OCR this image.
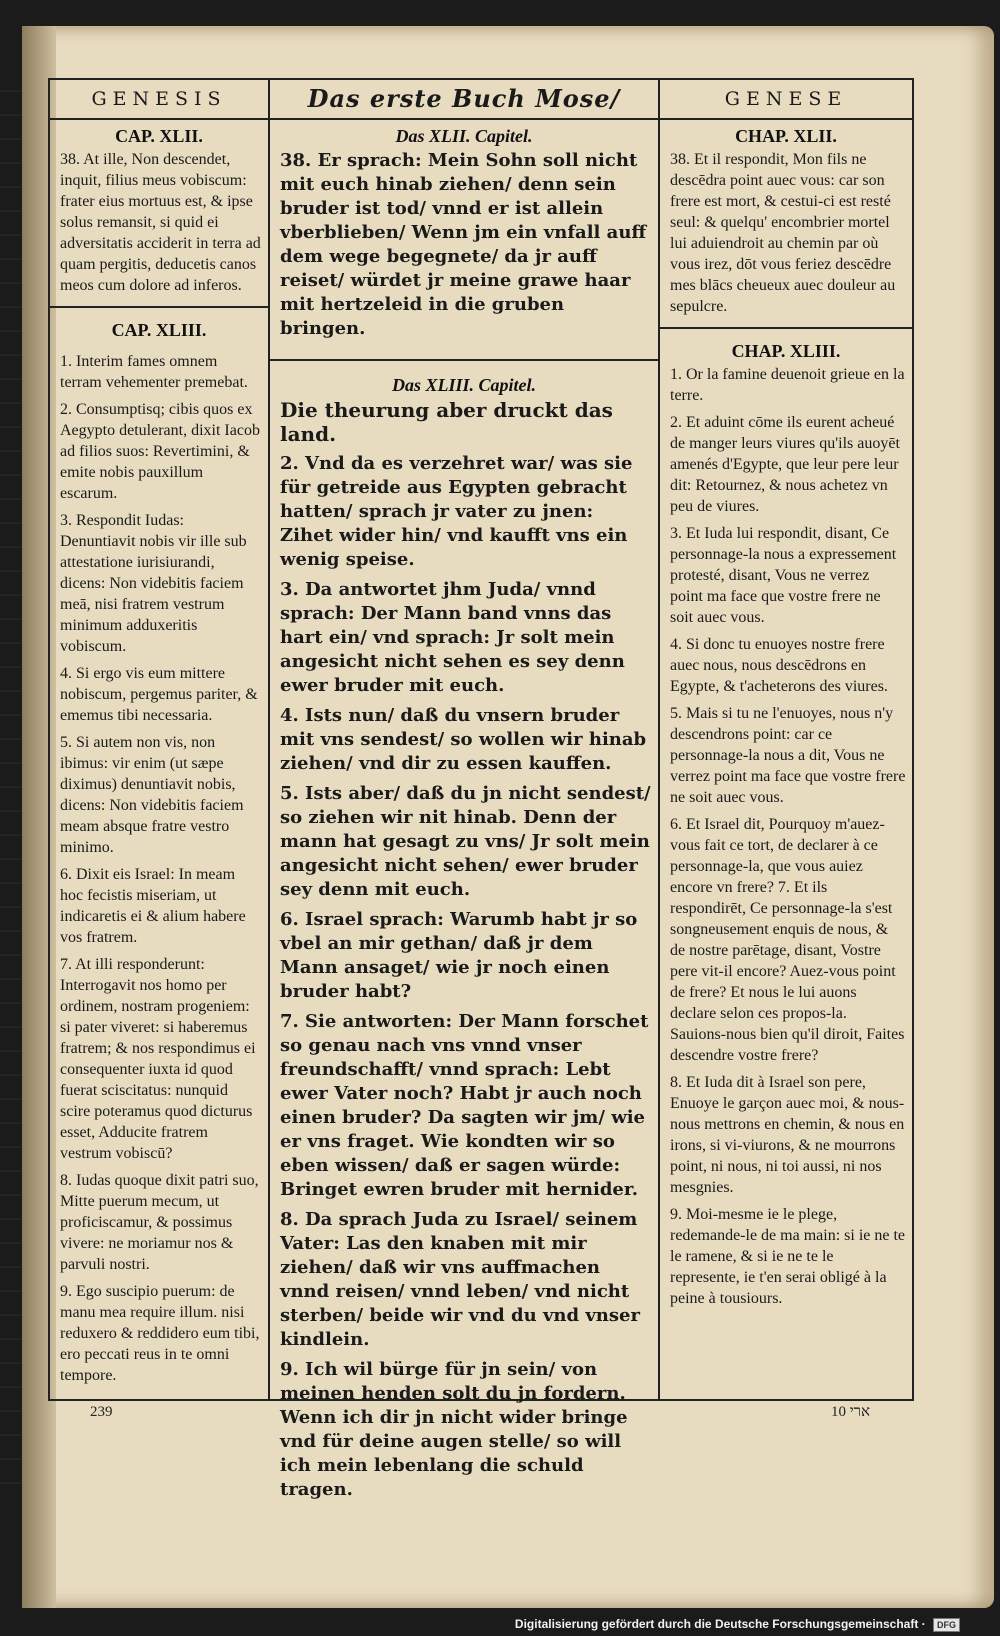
GENESIS
CAP. XLII.
38. At ille, Non descendet, inquit, filius meus vobiscum: frater eius mortuus est, & ipse solus remansit, si quid ei adversitatis acciderit in terra ad quam pergitis, deducetis canos meos cum dolore ad inferos.
CAP. XLIII.

1. Interim fames omnem terram vehementer premebat.

2. Consumptisq; cibis quos ex Aegypto detulerant, dixit Iacob ad filios suos: Revertimini, & emite nobis pauxillum escarum.

3. Respondit Iudas: Denuntiavit nobis vir ille sub attestatione iurisiurandi, dicens: Non videbitis faciem meā, nisi fratrem vestrum minimum adduxeritis vobiscum.

4. Si ergo vis eum mittere nobiscum, pergemus pariter, & ememus tibi necessaria.

5. Si autem non vis, non ibimus: vir enim (ut sæpe diximus) denuntiavit nobis, dicens: Non videbitis faciem meam absque fratre vestro minimo.

6. Dixit eis Israel: In meam hoc fecistis miseriam, ut indicaretis ei & alium habere vos fratrem.

7. At illi responderunt: Interrogavit nos homo per ordinem, nostram progeniem: si pater viveret: si haberemus fratrem; & nos respondimus ei consequenter iuxta id quod fuerat sciscitatus: nunquid scire poteramus quod dicturus esset, Adducite fratrem vestrum vobiscū?

8. Iudas quoque dixit patri suo, Mitte puerum mecum, ut proficiscamur, & possimus vivere: ne moriamur nos & parvuli nostri.

9. Ego suscipio puerum: de manu mea require illum. nisi reduxero & reddidero eum tibi, ero peccati reus in te omni tempore.

Das erste Buch Mose/
Das XLII. Capitel.
38. Er sprach: Mein Sohn soll nicht mit euch hinab ziehen/ denn sein bruder ist tod/ vnnd er ist allein vberblieben/ Wenn jm ein vnfall auff dem wege begegnete/ da jr auff reiset/ würdet jr meine grawe haar mit hertzeleid in die gruben bringen.
Das XLIII. Capitel.

Die theurung aber druckt das land.

2. Vnd da es verzehret war/ was sie für getreide aus Egypten gebracht hatten/ sprach jr vater zu jnen: Zihet wider hin/ vnd kaufft vns ein wenig speise.

3. Da antwortet jhm Juda/ vnnd sprach: Der Mann band vnns das hart ein/ vnd sprach: Jr solt mein angesicht nicht sehen es sey denn ewer bruder mit euch.

4. Ists nun/ daß du vnsern bruder mit vns sendest/ so wollen wir hinab ziehen/ vnd dir zu essen kauffen.

5. Ists aber/ daß du jn nicht sendest/ so ziehen wir nit hinab. Denn der mann hat gesagt zu vns/ Jr solt mein angesicht nicht sehen/ ewer bruder sey denn mit euch.

6. Israel sprach: Warumb habt jr so vbel an mir gethan/ daß jr dem Mann ansaget/ wie jr noch einen bruder habt?

7. Sie antworten: Der Mann forschet so genau nach vns vnnd vnser freundschafft/ vnnd sprach: Lebt ewer Vater noch? Habt jr auch noch einen bruder? Da sagten wir jm/ wie er vns fraget. Wie kondten wir so eben wissen/ daß er sagen würde: Bringet ewren bruder mit hernider.

8. Da sprach Juda zu Israel/ seinem Vater: Las den knaben mit mir ziehen/ daß wir vns auffmachen vnnd reisen/ vnnd leben/ vnd nicht sterben/ beide wir vnd du vnd vnser kindlein.

9. Ich wil bürge für jn sein/ von meinen henden solt du jn fordern. Wenn ich dir jn nicht wider bringe vnd für deine augen stelle/ so will ich mein lebenlang die schuld tragen.

GENESE
CHAP. XLII.
38. Et il respondit, Mon fils ne descēdra point auec vous: car son frere est mort, & cestui-ci est resté seul: & quelqu' encombrier mortel lui aduiendroit au chemin par où vous irez, dōt vous feriez descēdre mes blācs cheueux auec douleur au sepulcre.
CHAP. XLIII.

1. Or la famine deuenoit grieue en la terre.

2. Et aduint cōme ils eurent acheué de manger leurs viures qu'ils auoyēt amenés d'Egypte, que leur pere leur dit: Retournez, & nous achetez vn peu de viures.

3. Et Iuda lui respondit, disant, Ce personnage-la nous a expressement protesté, disant, Vous ne verrez point ma face que vostre frere ne soit auec vous.

4. Si donc tu enuoyes nostre frere auec nous, nous descēdrons en Egypte, & t'acheterons des viures.

5. Mais si tu ne l'enuoyes, nous n'y descendrons point: car ce personnage-la nous a dit, Vous ne verrez point ma face que vostre frere ne soit auec vous.

6. Et Israel dit, Pourquoy m'auez-vous fait ce tort, de declarer à ce personnage-la, que vous auiez encore vn frere? 7. Et ils respondirēt, Ce personnage-la s'est songneusement enquis de nous, & de nostre parētage, disant, Vostre pere vit-il encore? Auez-vous point de frere? Et nous le lui auons declare selon ces propos-la. Sauions-nous bien qu'il diroit, Faites descendre vostre frere?

8. Et Iuda dit à Israel son pere, Enuoye le garçon auec moi, & nous-nous mettrons en chemin, & nous en irons, si vi-viurons, & ne mourrons point, ni nous, ni toi aussi, ni nos mesgnies.

9. Moi-mesme ie le plege, redemande-le de ma main: si ie ne te le ramene, & si ie ne te le represente, ie t'en serai obligé à la peine à tousiours.

239	ארי 10
Digitalisierung gefördert durch die Deutsche Forschungsgemeinschaft · DFG
